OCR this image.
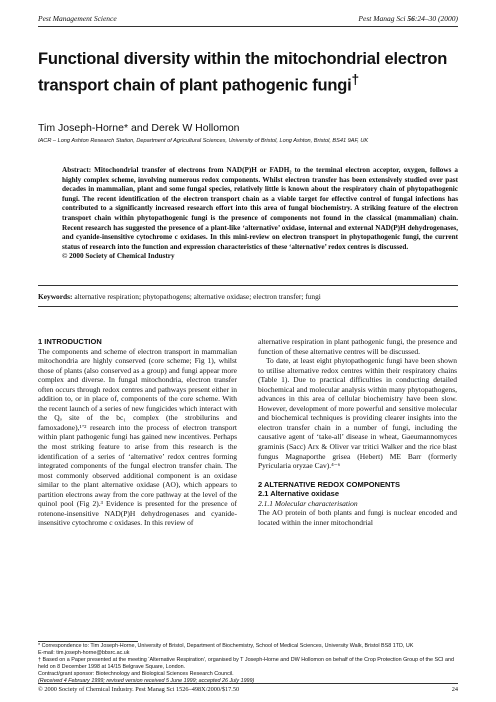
Pest Management Science	Pest Manag Sci 56:24–30 (2000)
Functional diversity within the mitochondrial electron transport chain of plant pathogenic fungi†
Tim Joseph-Horne* and Derek W Hollomon
IACR – Long Ashton Research Station, Department of Agricultural Sciences, University of Bristol, Long Ashton, Bristol, BS41 9AF, UK
Abstract: Mitochondrial transfer of electrons from NAD(P)H or FADH₂ to the terminal electron acceptor, oxygen, follows a highly complex scheme, involving numerous redox components. Whilst electron transfer has been extensively studied over past decades in mammalian, plant and some fungal species, relatively little is known about the respiratory chain of phytopathogenic fungi. The recent identification of the electron transport chain as a viable target for effective control of fungal infections has contributed to a significantly increased research effort into this area of fungal biochemistry. A striking feature of the electron transport chain within phytopathogenic fungi is the presence of components not found in the classical (mammalian) chain. Recent research has suggested the presence of a plant-like ‘alternative’ oxidase, internal and external NAD(P)H dehydrogenases, and cyanide-insensitive cytochrome c oxidases. In this mini-review on electron transport in phytopathogenic fungi, the current status of research into the function and expression characteristics of these ‘alternative’ redox centres is discussed.
© 2000 Society of Chemical Industry
Keywords: alternative respiration; phytopathogens; alternative oxidase; electron transfer; fungi

1 INTRODUCTION

The components and scheme of electron transport in mammalian mitochondria are highly conserved (core scheme; Fig 1), whilst those of plants (also conserved as a group) and fungi appear more complex and diverse. In fungal mitochondria, electron transfer often occurs through redox centres and pathways present either in addition to, or in place of, components of the core scheme. With the recent launch of a series of new fungicides which interact with the Qₒ site of the bc₁ complex (the strobilurins and famoxadone),¹ʼ² research into the process of electron transport within plant pathogenic fungi has gained new incentives. Perhaps the most striking feature to arise from this research is the identification of a series of ‘alternative’ redox centres forming integrated components of the fungal electron transfer chain. The most commonly observed additional component is an oxidase similar to the plant alternative oxidase (AO), which appears to partition electrons away from the core pathway at the level of the quinol pool (Fig 2).³ Evidence is presented for the presence of rotenone-insensitive NAD(P)H dehydrogenases and cyanide-insensitive cytochrome c oxidases. In this review of

alternative respiration in plant pathogenic fungi, the presence and function of these alternative centres will be discussed.

To date, at least eight phytopathogenic fungi have been shown to utilise alternative redox centres within their respiratory chains (Table 1). Due to practical difficulties in conducting detailed biochemical and molecular analysis within many phytopathogens, advances in this area of cellular biochemistry have been slow. However, development of more powerful and sensitive molecular and biochemical techniques is providing clearer insights into the electron transfer chain in a number of fungi, including the causative agent of ‘take-all’ disease in wheat, Gaeumannomyces graminis (Sacc) Arx & Oliver var tritici Walker and the rice blast fungus Magnaporthe grisea (Hebert) ME Barr (formerly Pyricularia oryzae Cav).⁴⁻⁶

2 ALTERNATIVE REDOX COMPONENTS

2.1 Alternative oxidase
2.1.1 Molecular characterisation

The AO protein of both plants and fungi is nuclear encoded and located within the inner mitochondrial

* Correspondence to: Tim Joseph-Horne, University of Bristol, Department of Biochemistry, School of Medical Sciences, University Walk, Bristol BS8 1TD, UK

E-mail: tim.joseph-horne@bbsrc.ac.uk

† Based on a Paper presented at the meeting ‘Alternative Respiration’, organised by T Joseph-Horne and DW Hollomon on behalf of the Crop Protection Group of the SCI and held on 8 December 1998 at 14/15 Belgrave Square, London.

Contract/grant sponsor: Biotechnology and Biological Sciences Research Council.

(Received 4 February 1999; revised version received 5 June 1999; accepted 26 July 1999)

© 2000 Society of Chemical Industry. Pest Manag Sci 1526–498X/2000/$17.50	24
